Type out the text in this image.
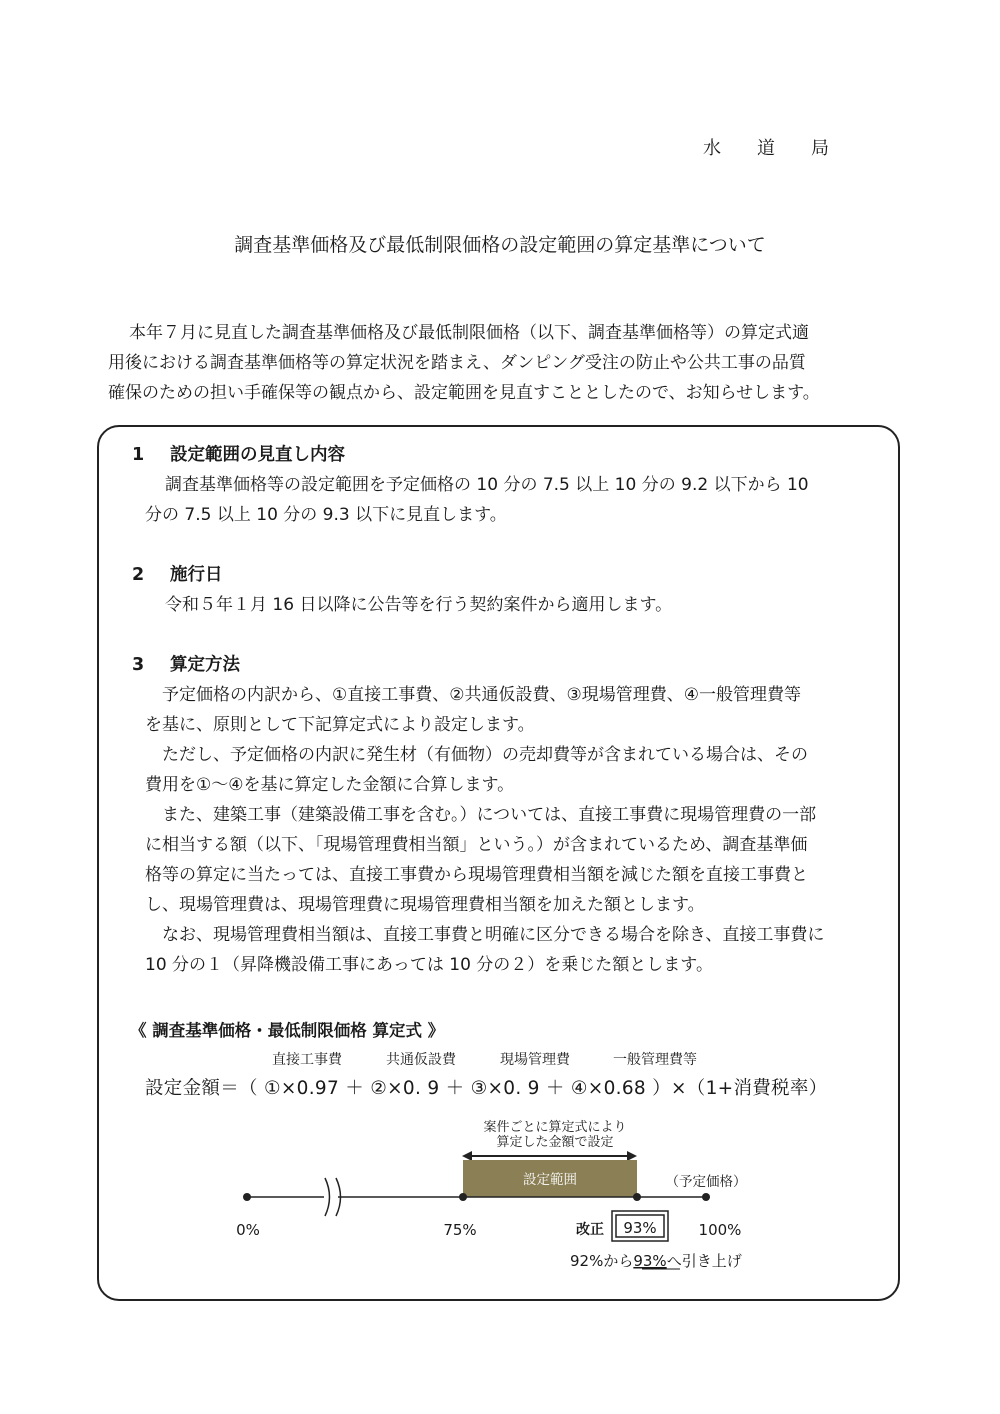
水　　道　　局
調査基準価格及び最低制限価格の設定範囲の算定基準について
本年７月に見直した調査基準価格及び最低制限価格（以下、調査基準価格等）の算定式適
用後における調査基準価格等の算定状況を踏まえ、ダンピング受注の防止や公共工事の品質
確保のための担い手確保等の観点から、設定範囲を見直すこととしたので、お知らせします。
1 設定範囲の見直し内容
調査基準価格等の設定範囲を予定価格の 10 分の 7.5 以上 10 分の 9.2 以下から 10
分の 7.5 以上 10 分の 9.3 以下に見直します。
2 施行日
令和５年１月 16 日以降に公告等を行う契約案件から適用します。
3 算定方法
　予定価格の内訳から、①直接工事費、②共通仮設費、③現場管理費、④一般管理費等
を基に、原則として下記算定式により設定します。
　ただし、予定価格の内訳に発生材（有価物）の売却費等が含まれている場合は、その
費用を①～④を基に算定した金額に合算します。
　また、建築工事（建築設備工事を含む。）については、直接工事費に現場管理費の一部
に相当する額（以下、「現場管理費相当額」という。）が含まれているため、調査基準価
格等の算定に当たっては、直接工事費から現場管理費相当額を減じた額を直接工事費と
し、現場管理費は、現場管理費に現場管理費相当額を加えた額とします。
　なお、現場管理費相当額は、直接工事費と明確に区分できる場合を除き、直接工事費に
10 分の１（昇降機設備工事にあっては 10 分の２）を乗じた額とします。
《 調査基準価格・最低制限価格 算定式 》
直接工事費	共通仮設費	現場管理費	一般管理費等
設定金額＝（ ①×0.97 ＋ ②×0. 9 ＋ ③×0. 9 ＋ ④×0.68 ）×（1+消費税率）
案件ごとに算定式により
算定した金額で設定
設定範囲	（予定価格）
0%	75%	改正 93%	100%
92%から93%へ引き上げ
